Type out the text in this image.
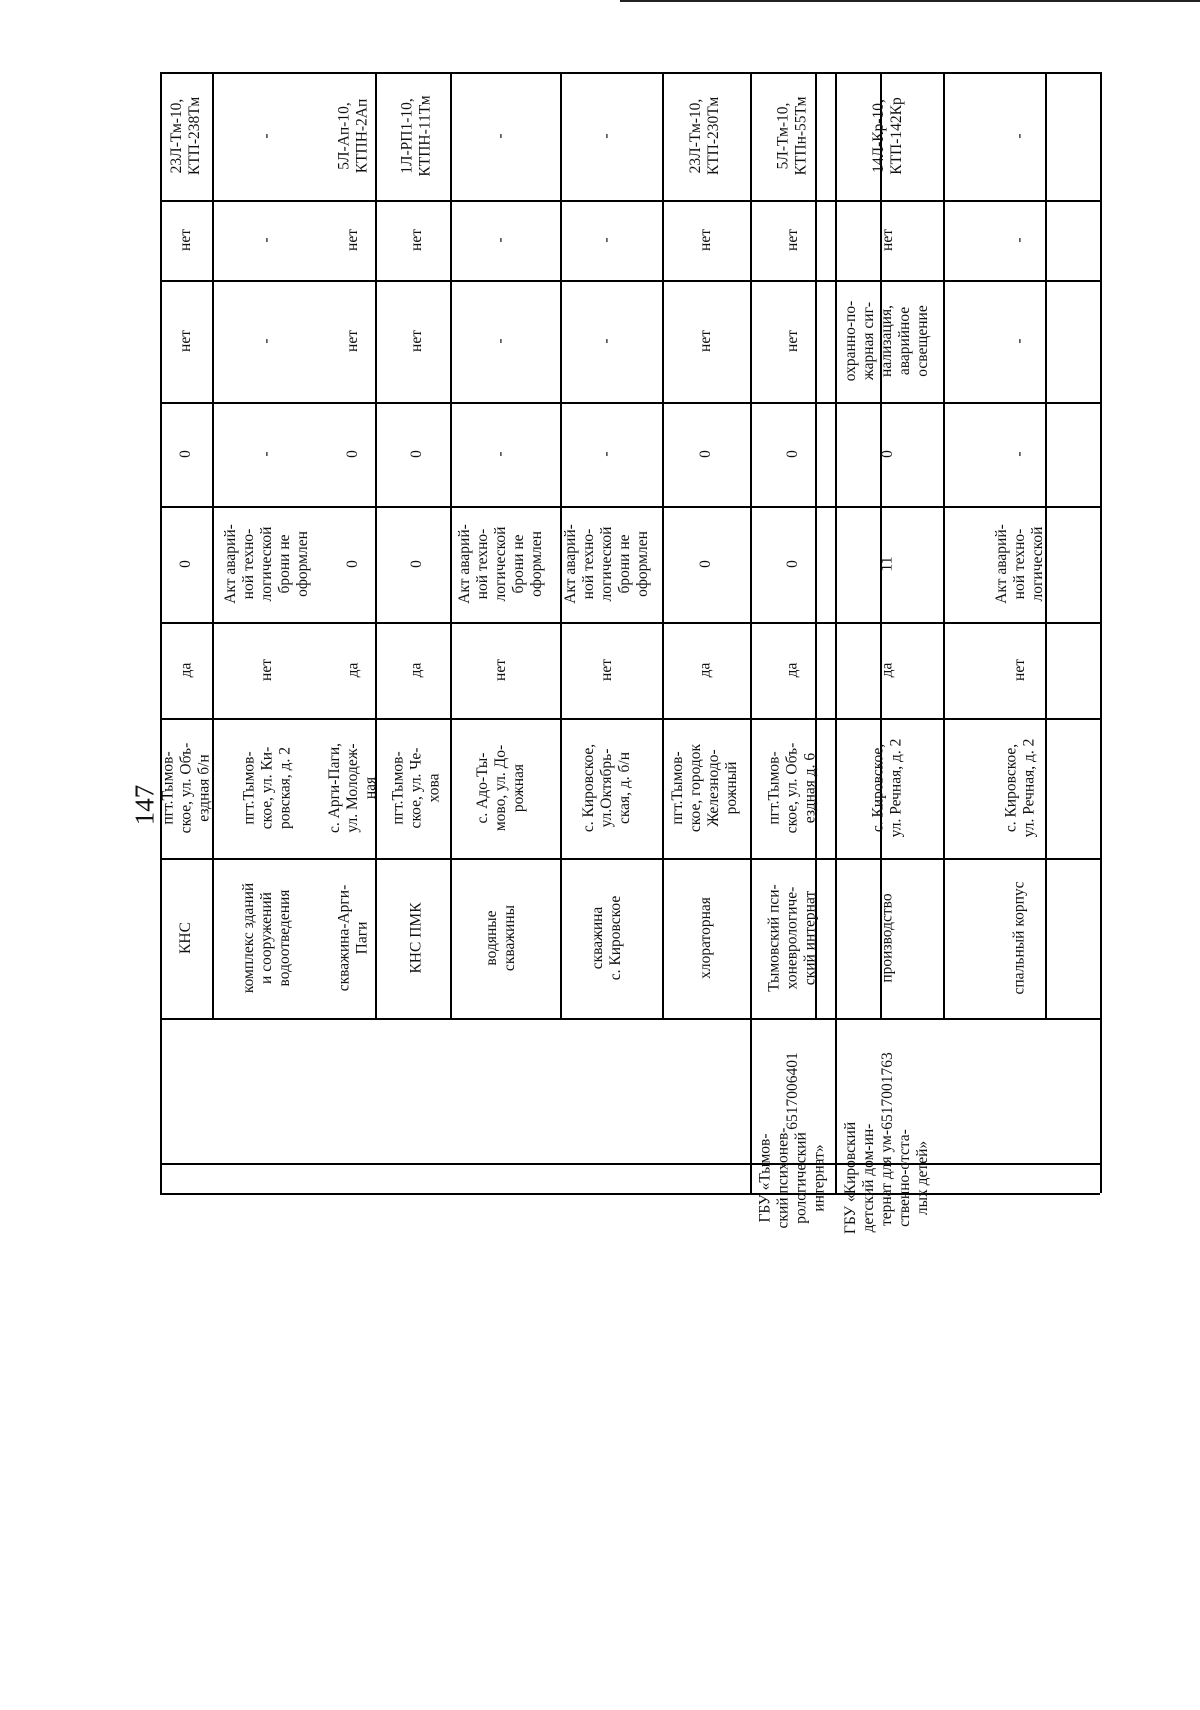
147
23Л-Тм-10,
КТП-238Тм
нет
нет
0
0
да
пгт.Тымов-
ское, ул. Объ-
ездная б/н
КНС
-
-
-
-
Акт аварий-
ной техно-
логической
брони не
оформлен
нет
пгт.Тымов-
ское, ул. Ки-
ровская, д. 2
комплекс зданий
и сооружений
водоотведения
5Л-Ап-10,
КТПН-2Ап
нет
нет
0
0
да
с. Арги-Паги,
ул. Молодеж-
ная
скважина-Арги-
Паги
1Л-РП1-10,
КТПН-11Тм
нет
нет
0
0
да
пгт.Тымов-
ское, ул. Че-
хова
КНС ПМК
-
-
-
-
Акт аварий-
ной техно-
логической
брони не
оформлен
нет
с. Адо-Ты-
мово, ул. До-
рожная
водяные
скважины
-
-
-
-
Акт аварий-
ной техно-
логической
брони не
оформлен
нет
с. Кировское,
ул.Октябрь-
ская, д. б/н
скважина
с. Кировское
23Л-Тм-10,
КТП-230Тм
нет
нет
0
0
да
пгт.Тымов-
ское, городок
Железнодо-
рожный
хлораторная
5Л-Тм-10,
КТПн-55Тм
нет
нет
0
0
да
пгт.Тымов-
ское, ул. Объ-
ездная д. 6
Тымовский пси-
хоневрологиче-
ский интернат
6517006401
ГБУ «Тымов-
ский психонев-
рологический
интернат»
14Л-Кр-10,
КТП-142Кр
нет
охранно-по-
жарная сиг-
нализация,
аварийное
освещение
0
11
да
с. Кировское,
ул. Речная, д. 2
производство
6517001763
ГБУ «Кировский
детский дом-ин-
тернат для ум-
ственно-отста-
лых детей»
-
-
-
-
Акт аварий-
ной техно-
логической
нет
с. Кировское,
ул. Речная, д. 2
спальный корпус
